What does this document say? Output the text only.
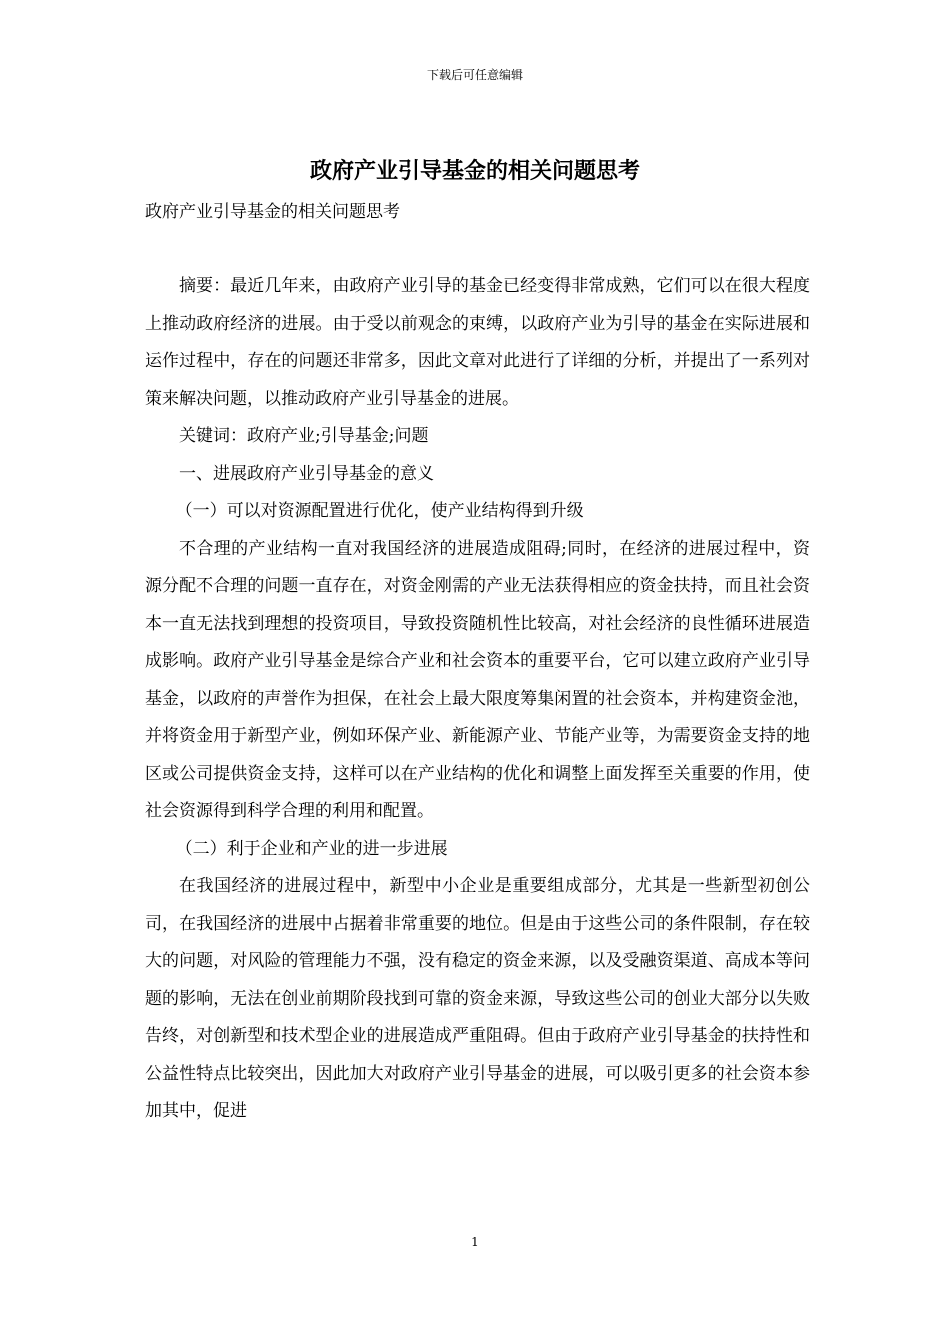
下载后可任意编辑
政府产业引导基金的相关问题思考
政府产业引导基金的相关问题思考

摘要：最近几年来，由政府产业引导的基金已经变得非常成熟，它们可以在很大程度上推动政府经济的进展。由于受以前观念的束缚，以政府产业为引导的基金在实际进展和运作过程中，存在的问题还非常多，因此文章对此进行了详细的分析，并提出了一系列对策来解决问题，以推动政府产业引导基金的进展。

关键词：政府产业;引导基金;问题

一、进展政府产业引导基金的意义

（一）可以对资源配置进行优化，使产业结构得到升级

不合理的产业结构一直对我国经济的进展造成阻碍;同时，在经济的进展过程中，资源分配不合理的问题一直存在，对资金刚需的产业无法获得相应的资金扶持，而且社会资本一直无法找到理想的投资项目，导致投资随机性比较高，对社会经济的良性循环进展造成影响。政府产业引导基金是综合产业和社会资本的重要平台，它可以建立政府产业引导基金，以政府的声誉作为担保，在社会上最大限度筹集闲置的社会资本，并构建资金池，并将资金用于新型产业，例如环保产业、新能源产业、节能产业等，为需要资金支持的地区或公司提供资金支持，这样可以在产业结构的优化和调整上面发挥至关重要的作用，使社会资源得到科学合理的利用和配置。

（二）利于企业和产业的进一步进展

在我国经济的进展过程中，新型中小企业是重要组成部分，尤其是一些新型初创公司，在我国经济的进展中占据着非常重要的地位。但是由于这些公司的条件限制，存在较大的问题，对风险的管理能力不强，没有稳定的资金来源，以及受融资渠道、高成本等问题的影响，无法在创业前期阶段找到可靠的资金来源，导致这些公司的创业大部分以失败告终，对创新型和技术型企业的进展造成严重阻碍。但由于政府产业引导基金的扶持性和公益性特点比较突出，因此加大对政府产业引导基金的进展，可以吸引更多的社会资本参加其中，促进

1
